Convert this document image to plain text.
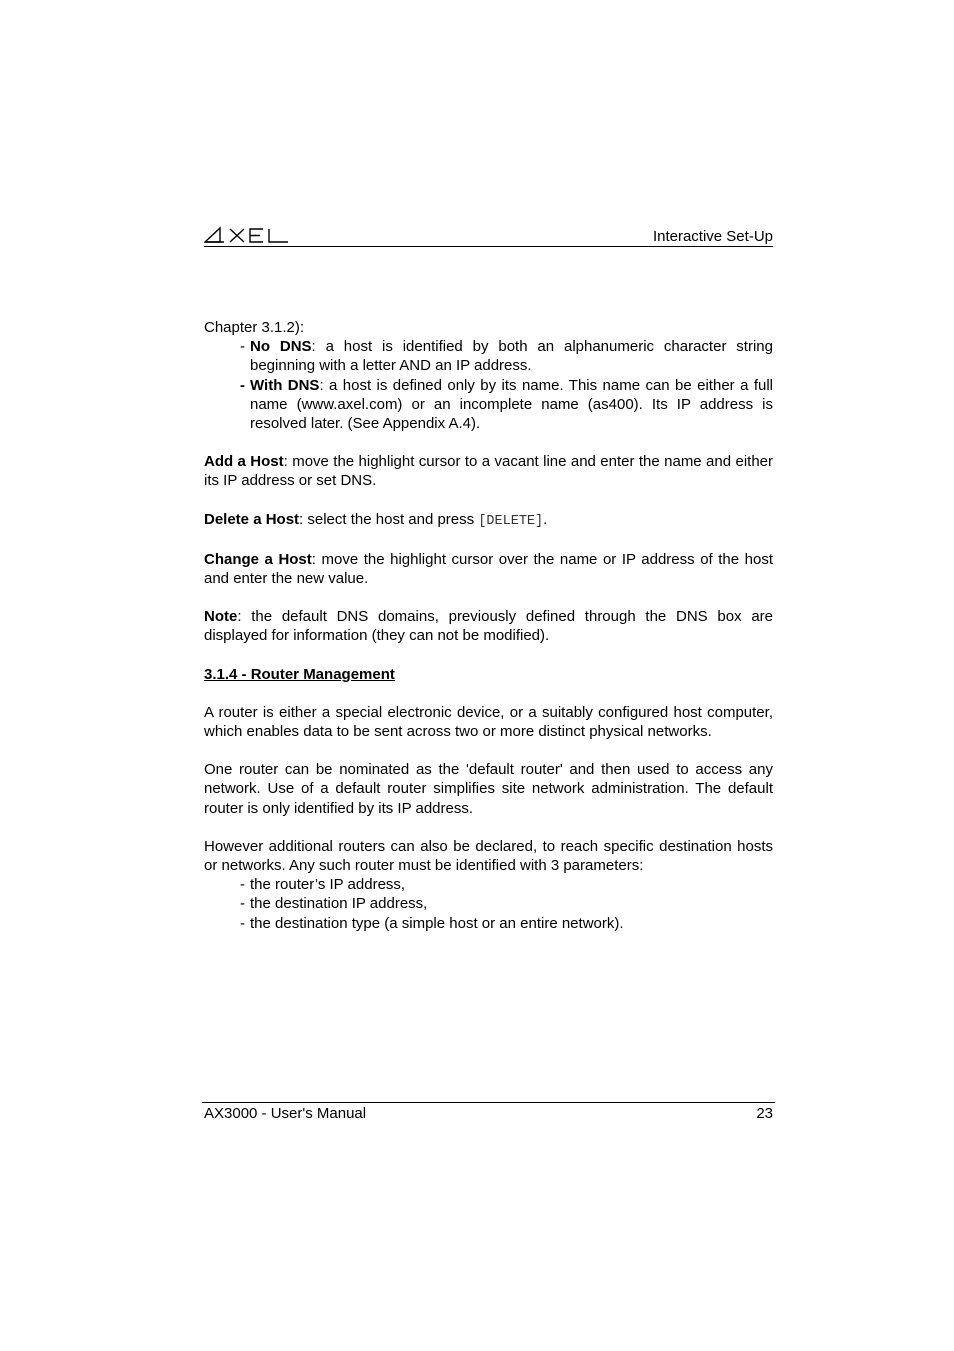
Interactive Set-Up

Chapter 3.1.2):

- No DNS: a host is identified by both an alphanumeric character string beginning with a letter AND an IP address.
- With DNS: a host is defined only by its name. This name can be either a full name (www.axel.com) or an incomplete name (as400). Its IP address is resolved later. (See Appendix A.4).

Add a Host: move the highlight cursor to a vacant line and enter the name and either its IP address or set DNS.

Delete a Host: select the host and press [DELETE].

Change a Host: move the highlight cursor over the name or IP address of the host and enter the new value.

Note: the default DNS domains, previously defined through the DNS box are displayed for information (they can not be modified).

3.1.4 - Router Management

A router is either a special electronic device, or a suitably configured host computer, which enables data to be sent across two or more distinct physical networks.

One router can be nominated as the 'default router' and then used to access any network. Use of a default router simplifies site network administration. The default router is only identified by its IP address.

However additional routers can also be declared, to reach specific destination hosts or networks. Any such router must be identified with 3 parameters:

- the router’s IP address,
- the destination IP address,
- the destination type (a simple host or an entire network).
AX3000 - User's Manual	23
